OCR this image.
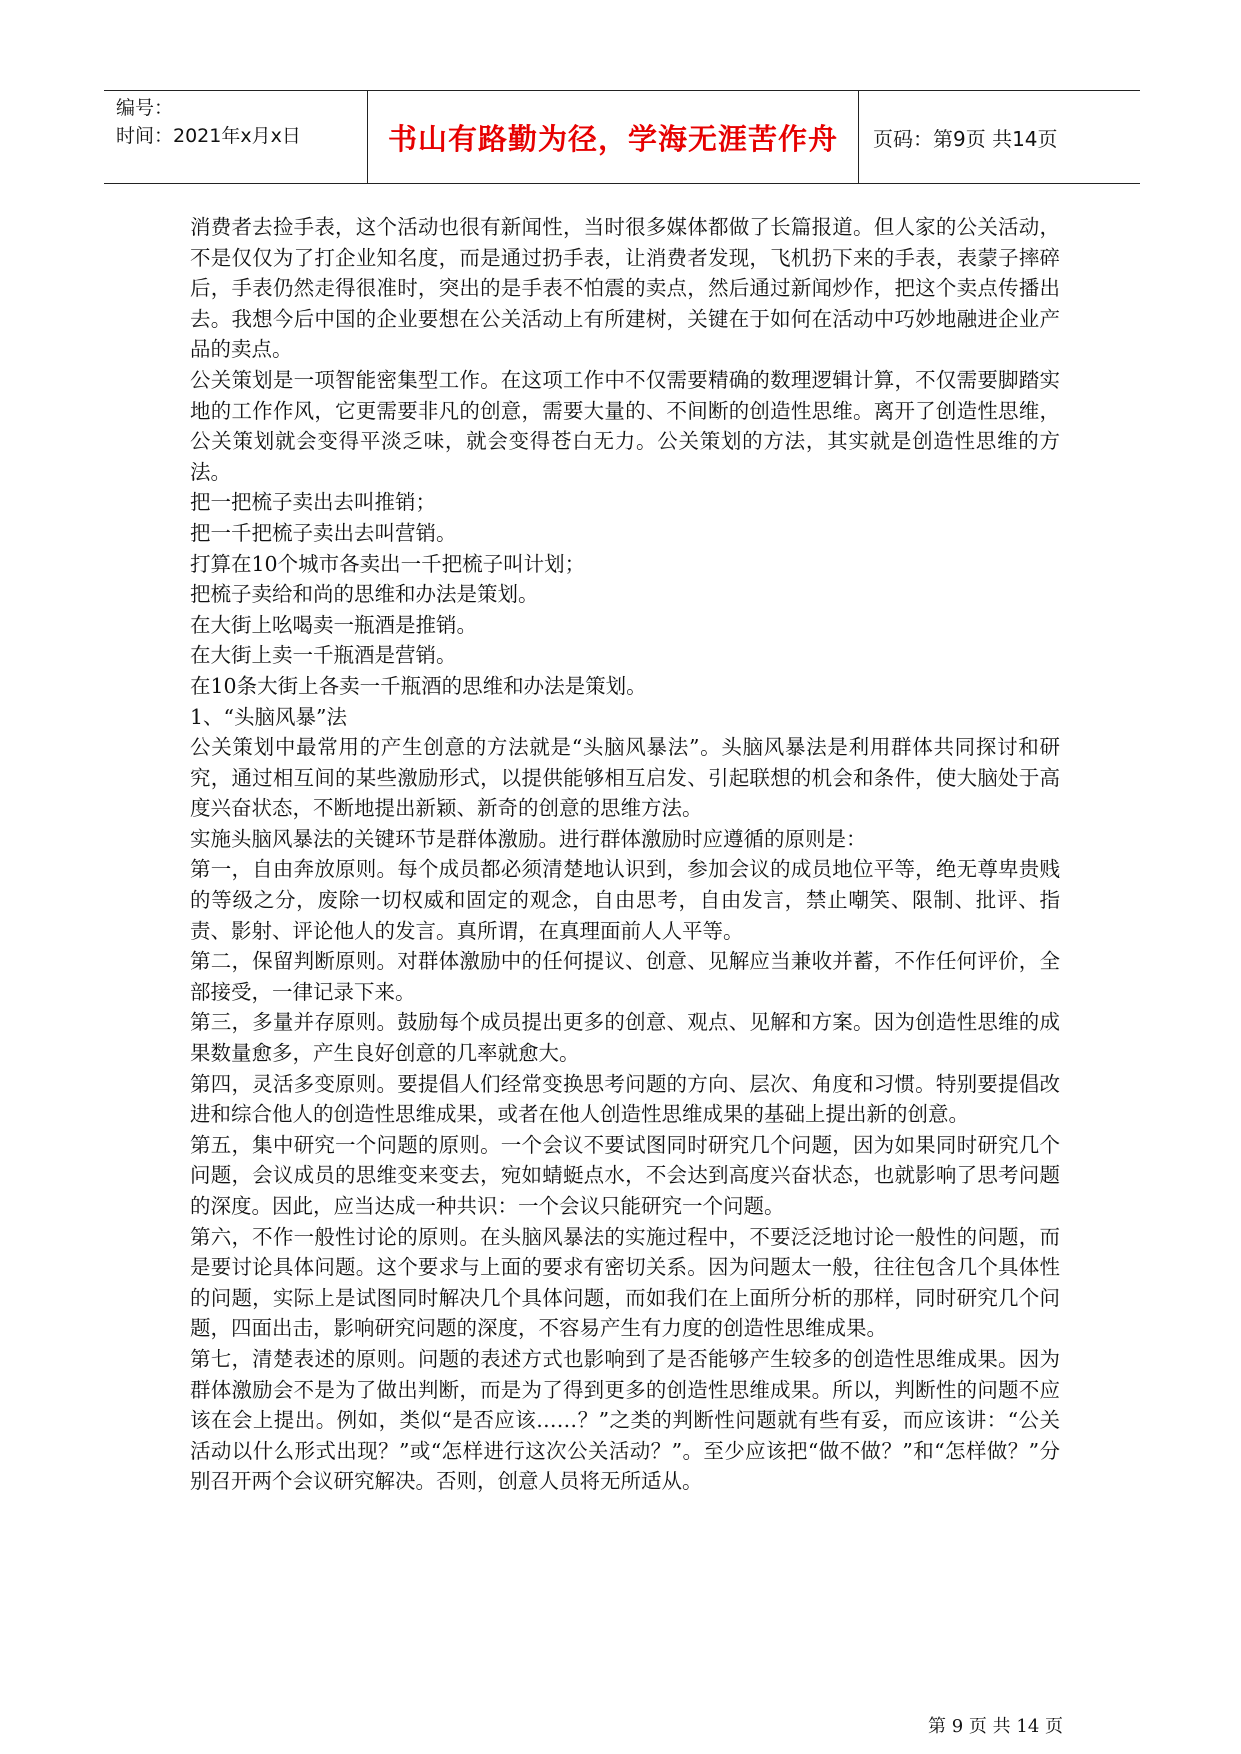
编号：
时间：2021年x月x日	书山有路勤为径，学海无涯苦作舟	页码：第9页 共14页

消费者去捡手表，这个活动也很有新闻性，当时很多媒体都做了长篇报道。但人家的公关活动，不是仅仅为了打企业知名度，而是通过扔手表，让消费者发现，飞机扔下来的手表，表蒙子摔碎后，手表仍然走得很准时，突出的是手表不怕震的卖点，然后通过新闻炒作，把这个卖点传播出去。我想今后中国的企业要想在公关活动上有所建树，关键在于如何在活动中巧妙地融进企业产品的卖点。

公关策划是一项智能密集型工作。在这项工作中不仅需要精确的数理逻辑计算，不仅需要脚踏实地的工作作风，它更需要非凡的创意，需要大量的、不间断的创造性思维。离开了创造性思维，公关策划就会变得平淡乏味，就会变得苍白无力。公关策划的方法，其实就是创造性思维的方法。

把一把梳子卖出去叫推销；

把一千把梳子卖出去叫营销。

打算在10个城市各卖出一千把梳子叫计划；

把梳子卖给和尚的思维和办法是策划。

在大街上吆喝卖一瓶酒是推销。

在大街上卖一千瓶酒是营销。

在10条大街上各卖一千瓶酒的思维和办法是策划。

1、“头脑风暴”法

公关策划中最常用的产生创意的方法就是“头脑风暴法”。头脑风暴法是利用群体共同探讨和研究，通过相互间的某些激励形式，以提供能够相互启发、引起联想的机会和条件，使大脑处于高度兴奋状态，不断地提出新颖、新奇的创意的思维方法。

实施头脑风暴法的关键环节是群体激励。进行群体激励时应遵循的原则是：

第一，自由奔放原则。每个成员都必须清楚地认识到，参加会议的成员地位平等，绝无尊卑贵贱的等级之分，废除一切权威和固定的观念，自由思考，自由发言，禁止嘲笑、限制、批评、指责、影射、评论他人的发言。真所谓，在真理面前人人平等。

第二，保留判断原则。对群体激励中的任何提议、创意、见解应当兼收并蓄，不作任何评价，全部接受，一律记录下来。

第三，多量并存原则。鼓励每个成员提出更多的创意、观点、见解和方案。因为创造性思维的成果数量愈多，产生良好创意的几率就愈大。

第四，灵活多变原则。要提倡人们经常变换思考问题的方向、层次、角度和习惯。特别要提倡改进和综合他人的创造性思维成果，或者在他人创造性思维成果的基础上提出新的创意。

第五，集中研究一个问题的原则。一个会议不要试图同时研究几个问题，因为如果同时研究几个问题，会议成员的思维变来变去，宛如蜻蜓点水，不会达到高度兴奋状态，也就影响了思考问题的深度。因此，应当达成一种共识：一个会议只能研究一个问题。

第六，不作一般性讨论的原则。在头脑风暴法的实施过程中，不要泛泛地讨论一般性的问题，而是要讨论具体问题。这个要求与上面的要求有密切关系。因为问题太一般，往往包含几个具体性的问题，实际上是试图同时解决几个具体问题，而如我们在上面所分析的那样，同时研究几个问题，四面出击，影响研究问题的深度，不容易产生有力度的创造性思维成果。

第七，清楚表述的原则。问题的表述方式也影响到了是否能够产生较多的创造性思维成果。因为群体激励会不是为了做出判断，而是为了得到更多的创造性思维成果。所以，判断性的问题不应该在会上提出。例如，类似“是否应该……？”之类的判断性问题就有些有妥，而应该讲：“公关活动以什么形式出现？”或“怎样进行这次公关活动？”。至少应该把“做不做？”和“怎样做？”分别召开两个会议研究解决。否则，创意人员将无所适从。

第 9 页 共 14 页
